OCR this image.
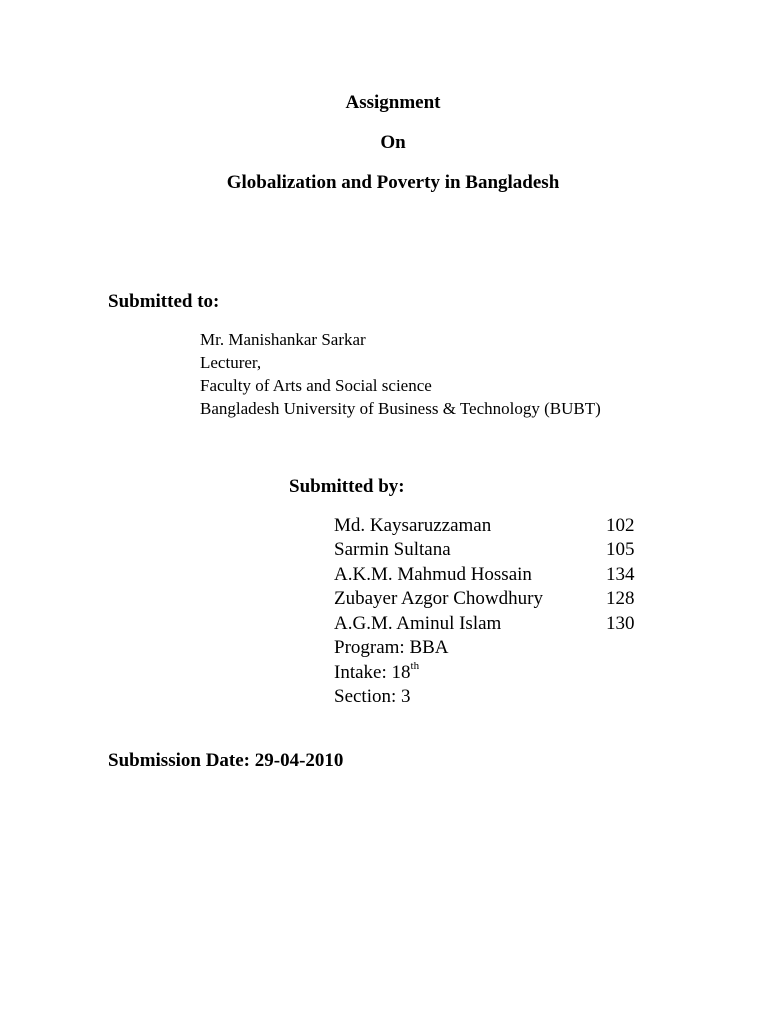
Assignment
On
Globalization and Poverty in Bangladesh
Submitted to:
Mr. Manishankar Sarkar
Lecturer,
Faculty of Arts and Social science
Bangladesh University of Business & Technology (BUBT)
Submitted by:
Md. Kaysaruzzaman	102
Sarmin Sultana	105
A.K.M. Mahmud Hossain	134
Zubayer Azgor Chowdhury	128
A.G.M. Aminul Islam	130
Program: BBA
Intake: 18th
Section: 3
Submission Date: 29-04-2010
